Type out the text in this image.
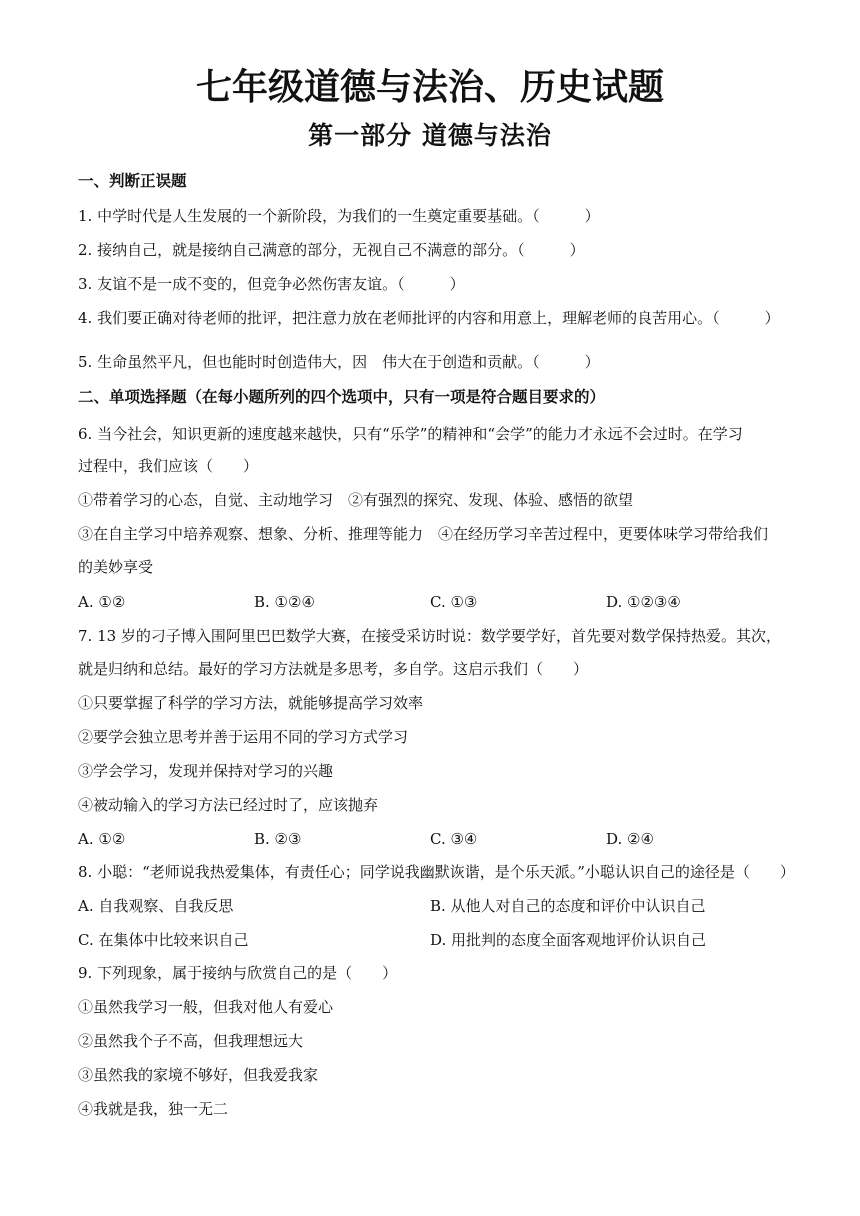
七年级道德与法治、历史试题
第一部分 道德与法治
一、判断正误题
1. 中学时代是人生发展的一个新阶段，为我们的一生奠定重要基础。（　　　）
2. 接纳自己，就是接纳自己满意的部分，无视自己不满意的部分。（　　　）
3. 友谊不是一成不变的，但竞争必然伤害友谊。（　　　）
4. 我们要正确对待老师的批评，把注意力放在老师批评的内容和用意上，理解老师的良苦用心。（　　　）
5. 生命虽然平凡，但也能时时创造伟大，因　伟大在于创造和贡献。（　　　）
二、单项选择题（在每小题所列的四个选项中，只有一项是符合题目要求的）
6. 当今社会，知识更新的速度越来越快，只有“乐学”的精神和“会学”的能力才永远不会过时。在学习
过程中，我们应该（　　）
①带着学习的心态，自觉、主动地学习　②有强烈的探究、发现、体验、感悟的欲望
③在自主学习中培养观察、想象、分析、推理等能力　④在经历学习辛苦过程中，更要体味学习带给我们
的美妙享受
A. ①②	B. ①②④	C. ①③	D. ①②③④
7. 13 岁的刁子博入围阿里巴巴数学大赛，在接受采访时说：数学要学好，首先要对数学保持热爱。其次，
就是归纳和总结。最好的学习方法就是多思考，多自学。这启示我们（　　）
①只要掌握了科学的学习方法，就能够提高学习效率
②要学会独立思考并善于运用不同的学习方式学习
③学会学习，发现并保持对学习的兴趣
④被动输入的学习方法已经过时了，应该抛弃
A. ①②	B. ②③	C. ③④	D. ②④
8. 小聪：“老师说我热爱集体，有责任心；同学说我幽默诙谐，是个乐天派。”小聪认识自己的途径是（　　）
A. 自我观察、自我反思	B. 从他人对自己的态度和评价中认识自己
C. 在集体中比较来识自己	D. 用批判的态度全面客观地评价认识自己
9. 下列现象，属于接纳与欣赏自己的是（　　）
①虽然我学习一般，但我对他人有爱心
②虽然我个子不高，但我理想远大
③虽然我的家境不够好，但我爱我家
④我就是我，独一无二
